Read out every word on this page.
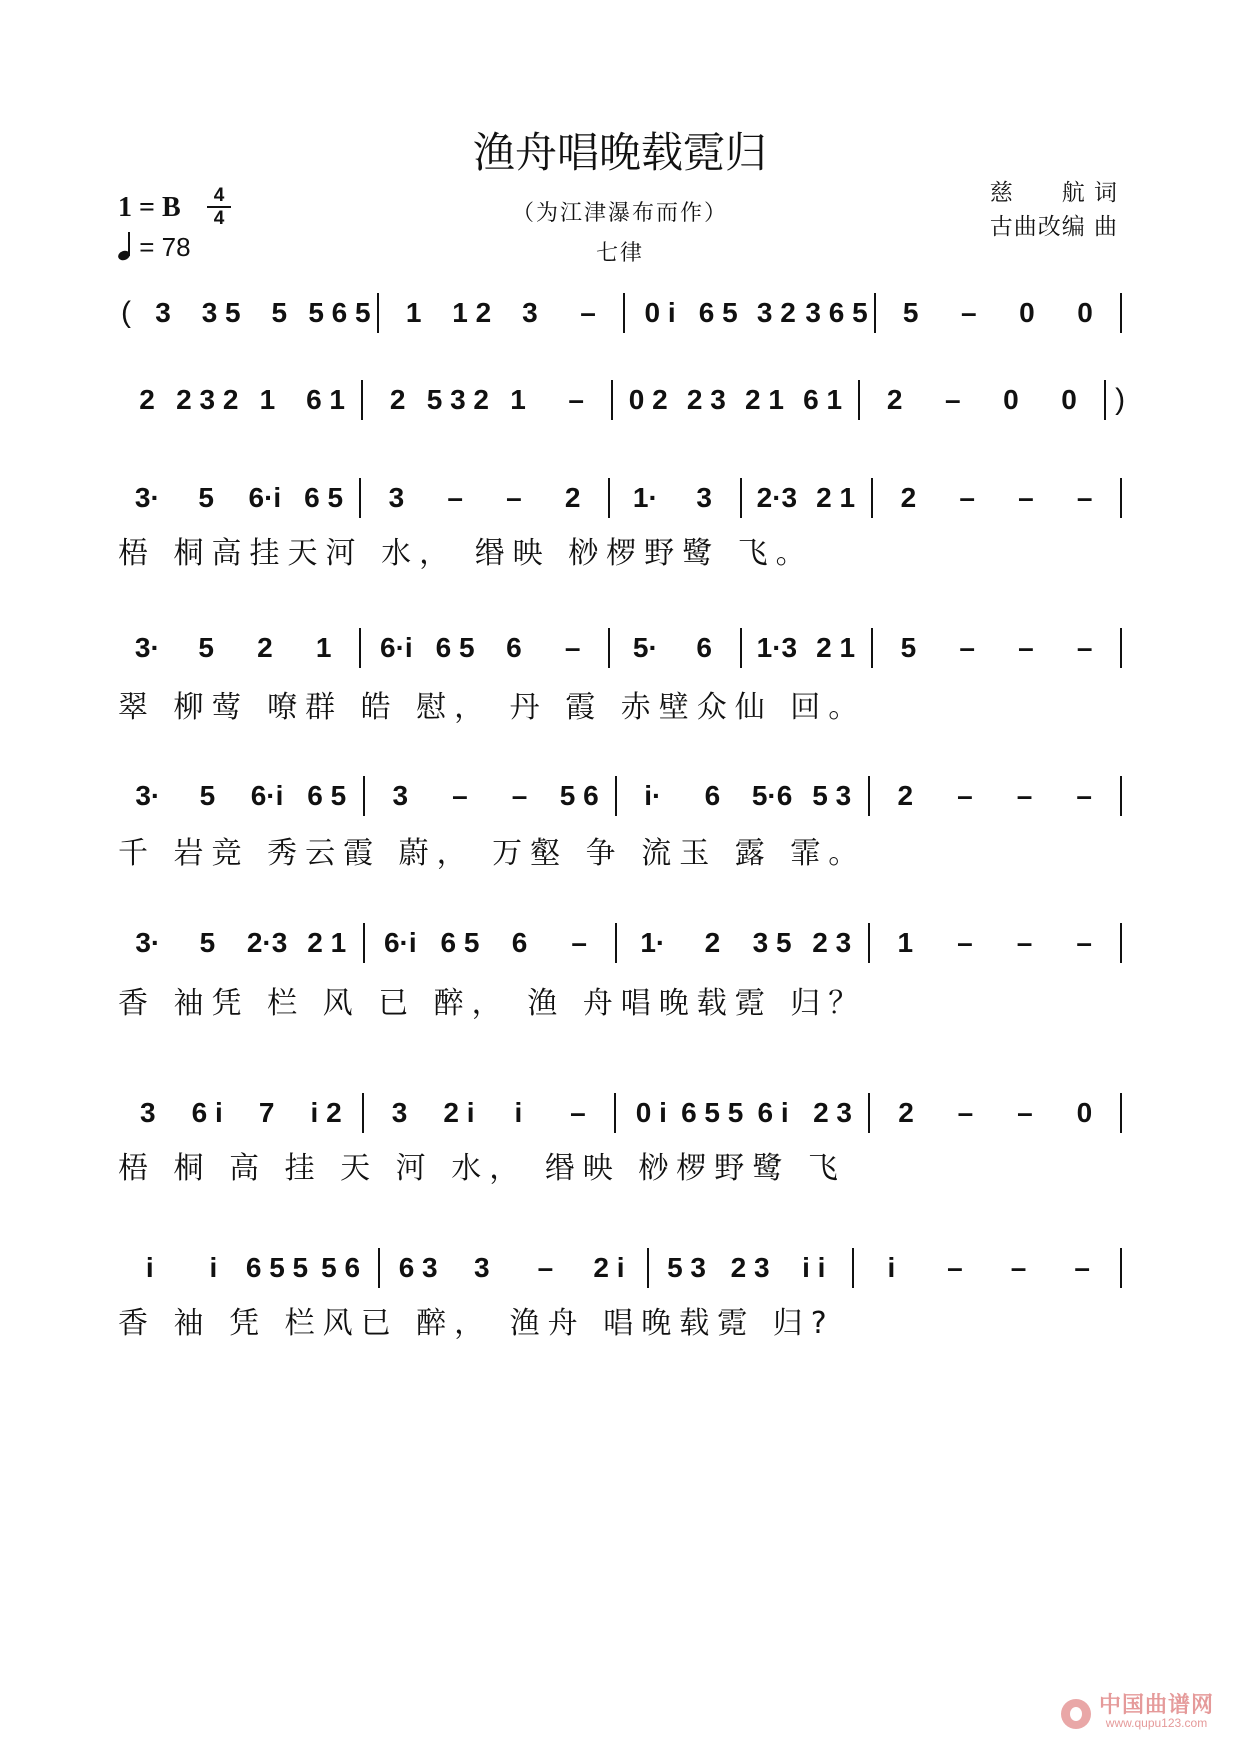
渔舟唱晚载霓归
（为江津瀑布而作）
七律
1 = B	4
4
= 78
慈　　航 词
古曲改编 曲
( 3	3 5	5 5 6 5	1	1 2	3	–	0 i 6 5 3 2 3 6 5	5	–	0	0
2 2 3 2 1	6 1	2 5 3 2 1	–	0 2 2 3 2 1 6 1	2	–	0	0	)
3·	5	6·i 6 5	3	–	–	2	1·	3	2·3 2 1	2	–	–	–
梧 桐高挂天河 水， 缗映 桫椤野鹭 飞。
3·	5	2	1	6·i 6 5	6	–	5·	6	1·3 2 1	5	–	–	–
翠 柳莺 嘹群 皓 慰， 丹 霞 赤壁众仙 回。
3·	5	6·i 6 5	3	–	–	5 6	i·	6	5·6 5 3	2	–	–	–
千 岩竞 秀云霞 蔚， 万壑 争 流玉 露 霏。
3·	5	2·3 2 1	6·i 6 5	6	–	1·	2	3 5 2 3	1	–	–	–
香 袖凭 栏 风 已 醉， 渔 舟唱晚载霓 归？
3	6 i	7	i 2	3	2 i	i	–	0 i 6 5 5 6 i 2 3	2	–	–	0
梧 桐 高 挂 天 河 水， 缗映 桫椤野鹭 飞
i	i	6 5 5 5 6	6 3	3	–	2 i	5 3 2 3	i i	i	–	–	–
香 袖 凭 栏风已 醉， 渔舟 唱晚载霓 归?
中国曲谱网
www.qupu123.com
